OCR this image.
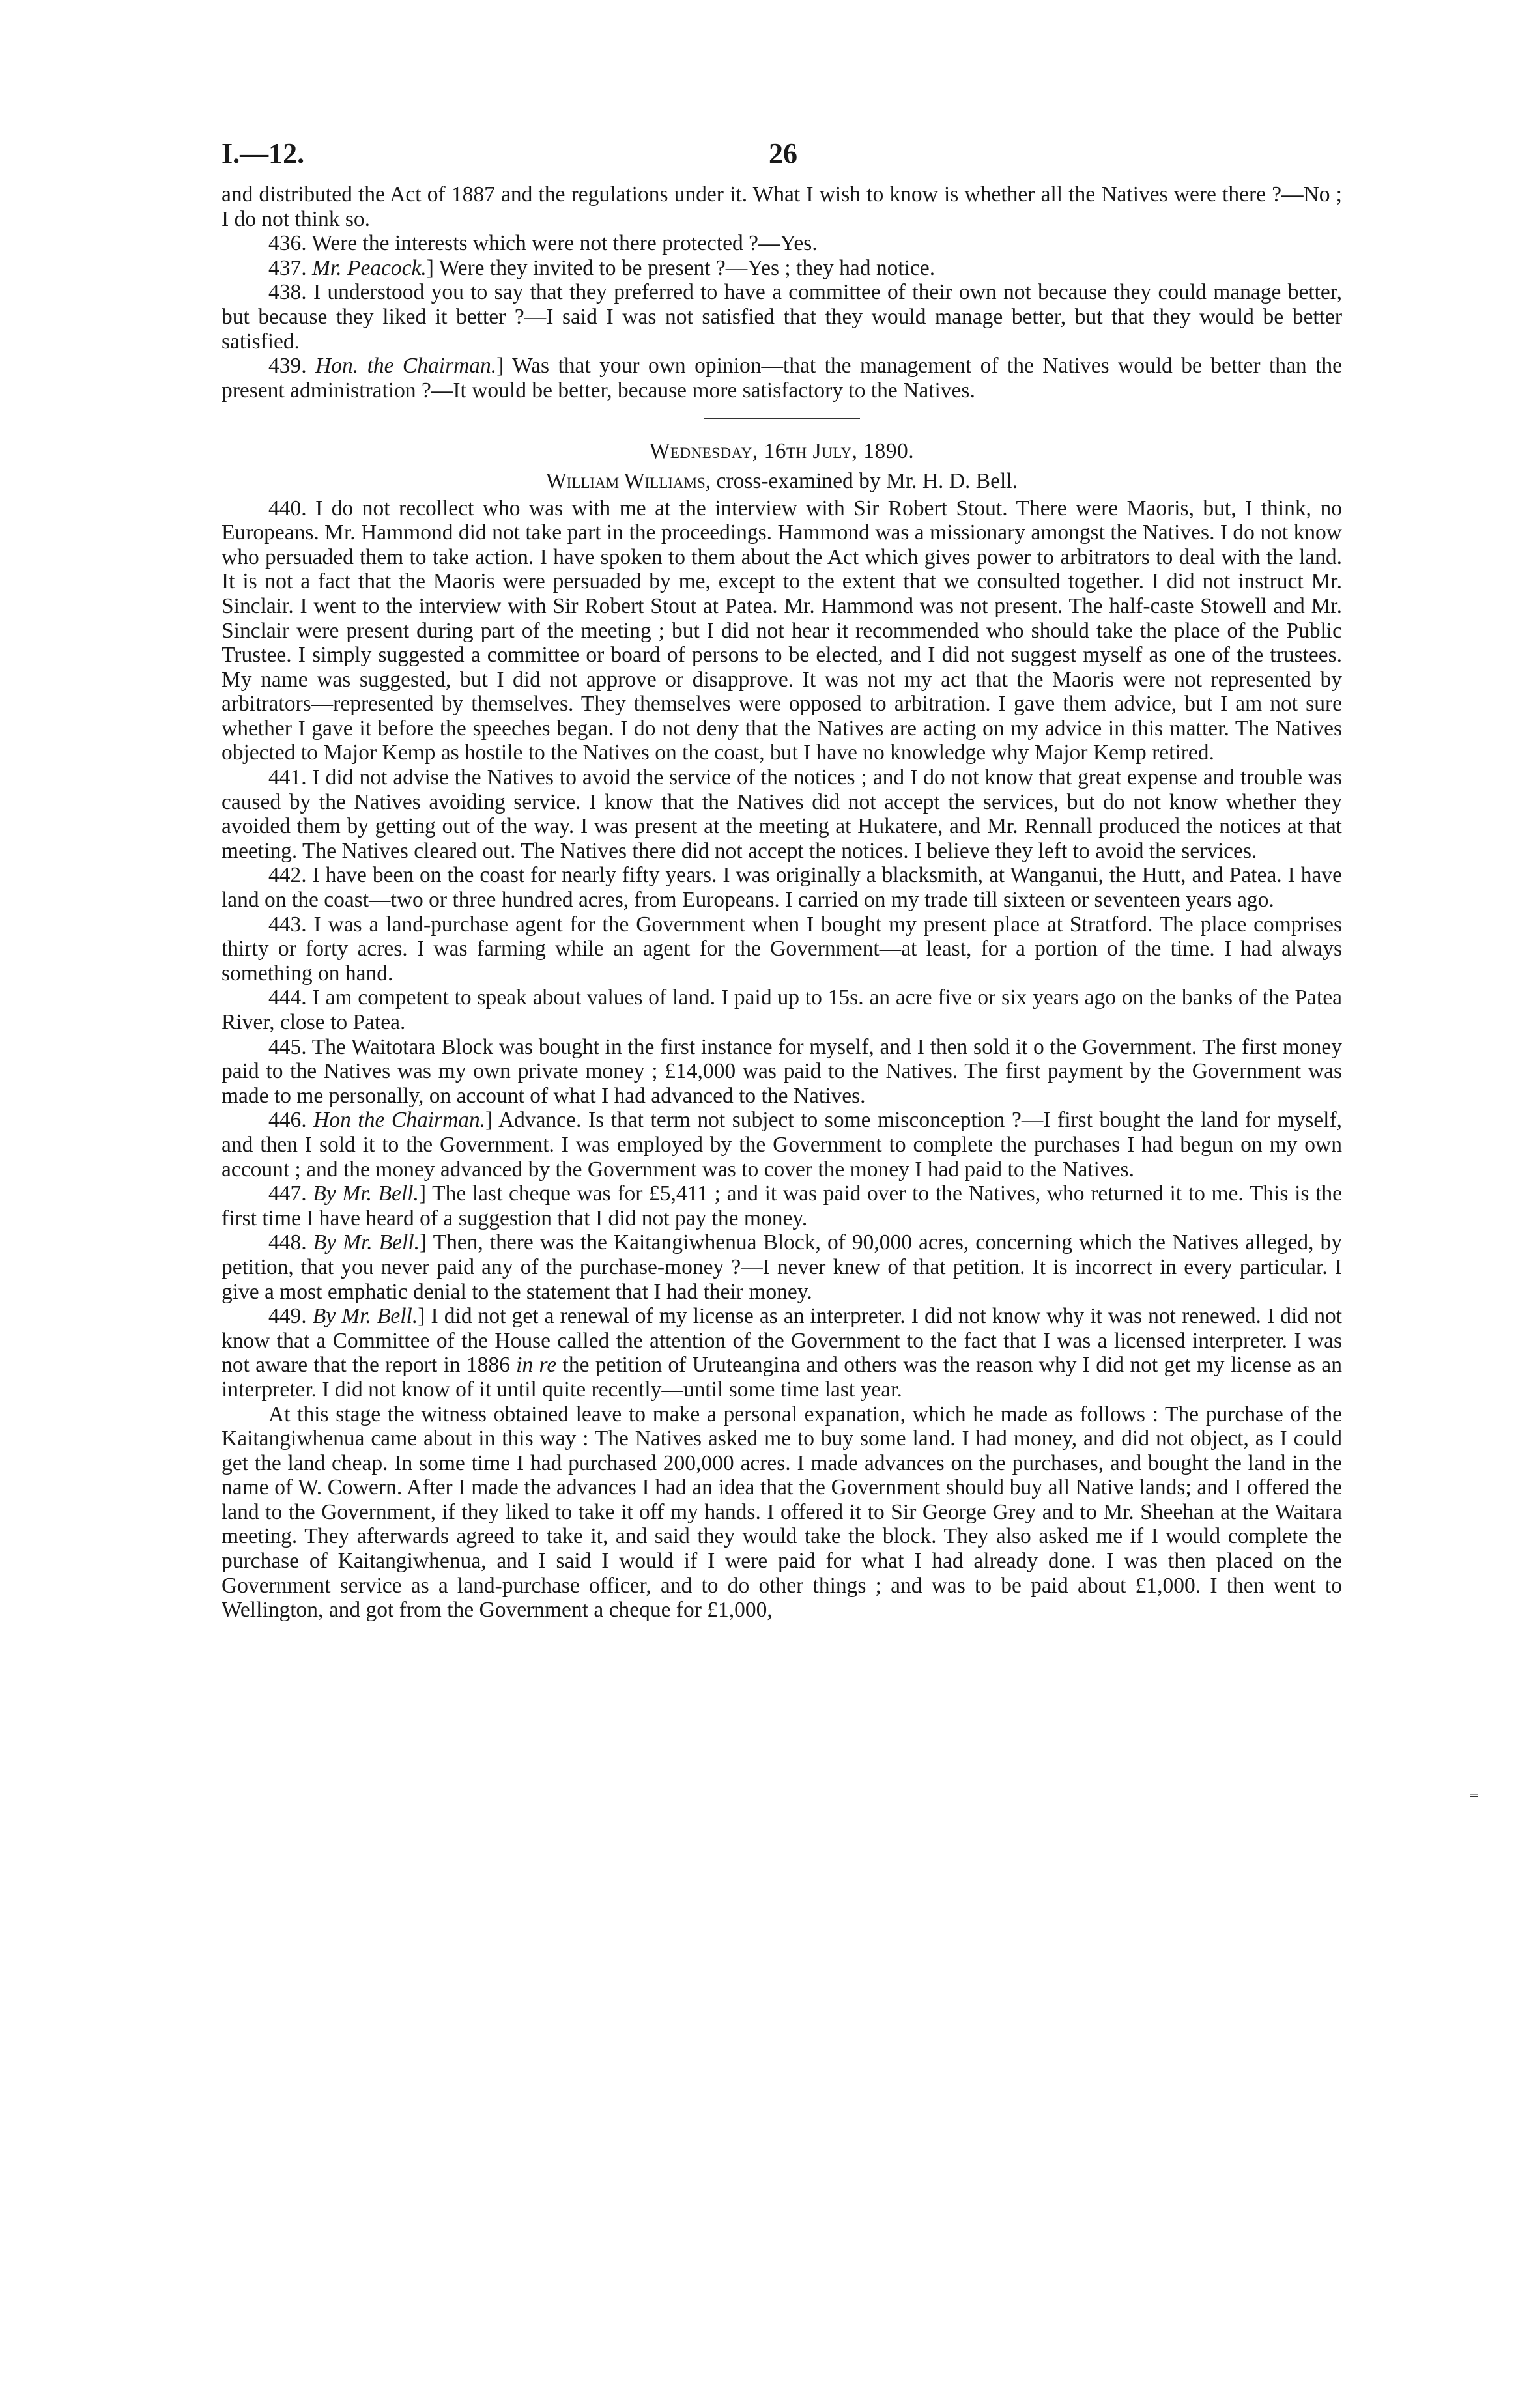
I.—12.	26

and distributed the Act of 1887 and the regulations under it. What I wish to know is whether all the Natives were there ?—No ; I do not think so.

436. Were the interests which were not there protected ?—Yes.

437. Mr. Peacock.] Were they invited to be present ?—Yes ; they had notice.

438. I understood you to say that they preferred to have a committee of their own not because they could manage better, but because they liked it better ?—I said I was not satisfied that they would manage better, but that they would be better satisfied.

439. Hon. the Chairman.] Was that your own opinion—that the management of the Natives would be better than the present administration ?—It would be better, because more satisfactory to the Natives.

Wednesday, 16th July, 1890.

William Williams, cross-examined by Mr. H. D. Bell.

440. I do not recollect who was with me at the interview with Sir Robert Stout. There were Maoris, but, I think, no Europeans. Mr. Hammond did not take part in the proceedings. Hammond was a missionary amongst the Natives. I do not know who persuaded them to take action. I have spoken to them about the Act which gives power to arbitrators to deal with the land. It is not a fact that the Maoris were persuaded by me, except to the extent that we consulted together. I did not instruct Mr. Sinclair. I went to the interview with Sir Robert Stout at Patea. Mr. Hammond was not present. The half-caste Stowell and Mr. Sinclair were present during part of the meeting ; but I did not hear it recommended who should take the place of the Public Trustee. I simply suggested a committee or board of persons to be elected, and I did not suggest myself as one of the trustees. My name was suggested, but I did not approve or disapprove. It was not my act that the Maoris were not represented by arbitrators—represented by themselves. They themselves were opposed to arbitration. I gave them advice, but I am not sure whether I gave it before the speeches began. I do not deny that the Natives are acting on my advice in this matter. The Natives objected to Major Kemp as hostile to the Natives on the coast, but I have no knowledge why Major Kemp retired.

441. I did not advise the Natives to avoid the service of the notices ; and I do not know that great expense and trouble was caused by the Natives avoiding service. I know that the Natives did not accept the services, but do not know whether they avoided them by getting out of the way. I was present at the meeting at Hukatere, and Mr. Rennall produced the notices at that meeting. The Natives cleared out. The Natives there did not accept the notices. I believe they left to avoid the services.

442. I have been on the coast for nearly fifty years. I was originally a blacksmith, at Wanganui, the Hutt, and Patea. I have land on the coast—two or three hundred acres, from Europeans. I carried on my trade till sixteen or seventeen years ago.

443. I was a land-purchase agent for the Government when I bought my present place at Stratford. The place comprises thirty or forty acres. I was farming while an agent for the Government—at least, for a portion of the time. I had always something on hand.

444. I am competent to speak about values of land. I paid up to 15s. an acre five or six years ago on the banks of the Patea River, close to Patea.

445. The Waitotara Block was bought in the first instance for myself, and I then sold it o the Government. The first money paid to the Natives was my own private money ; £14,000 was paid to the Natives. The first payment by the Government was made to me personally, on account of what I had advanced to the Natives.

446. Hon the Chairman.] Advance. Is that term not subject to some misconception ?—I first bought the land for myself, and then I sold it to the Government. I was employed by the Government to complete the purchases I had begun on my own account ; and the money advanced by the Government was to cover the money I had paid to the Natives.

447. By Mr. Bell.] The last cheque was for £5,411 ; and it was paid over to the Natives, who returned it to me. This is the first time I have heard of a suggestion that I did not pay the money.

448. By Mr. Bell.] Then, there was the Kaitangiwhenua Block, of 90,000 acres, concerning which the Natives alleged, by petition, that you never paid any of the purchase-money ?—I never knew of that petition. It is incorrect in every particular. I give a most emphatic denial to the statement that I had their money.

449. By Mr. Bell.] I did not get a renewal of my license as an interpreter. I did not know why it was not renewed. I did not know that a Committee of the House called the attention of the Government to the fact that I was a licensed interpreter. I was not aware that the report in 1886 in re the petition of Uruteangina and others was the reason why I did not get my license as an interpreter. I did not know of it until quite recently—until some time last year.

At this stage the witness obtained leave to make a personal expanation, which he made as follows : The purchase of the Kaitangiwhenua came about in this way : The Natives asked me to buy some land. I had money, and did not object, as I could get the land cheap. In some time I had purchased 200,000 acres. I made advances on the purchases, and bought the land in the name of W. Cowern. After I made the advances I had an idea that the Government should buy all Native lands; and I offered the land to the Government, if they liked to take it off my hands. I offered it to Sir George Grey and to Mr. Sheehan at the Waitara meeting. They afterwards agreed to take it, and said they would take the block. They also asked me if I would complete the purchase of Kaitangiwhenua, and I said I would if I were paid for what I had already done. I was then placed on the Government service as a land-purchase officer, and to do other things ; and was to be paid about £1,000. I then went to Wellington, and got from the Government a cheque for £1,000,

⁼
